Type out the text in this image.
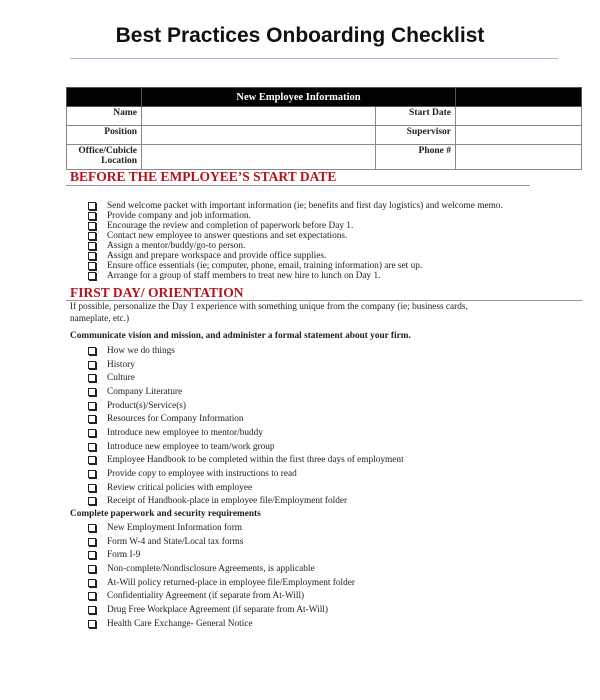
Best Practices Onboarding Checklist
	New Employee Information		
Name		Start Date	
Position		Supervisor	
Office/Cubicle Location		Phone #	
BEFORE THE EMPLOYEE’S START DATE
Send welcome packet with important information (ie; benefits and first day logistics) and welcome memo.
Provide company and job information.
Encourage the review and completion of paperwork before Day 1.
Contact new employee to answer questions and set expectations.
Assign a mentor/buddy/go-to person.
Assign and prepare workspace and provide office supplies.
Ensure office essentials (ie; computer, phone, email, training information) are set up.
Arrange for a group of staff members to treat new hire to lunch on Day 1.
FIRST DAY/ ORIENTATION
If possible, personalize the Day 1 experience with something unique from the company (ie; business cards, nameplate, etc.)
Communicate vision and mission, and administer a formal statement about your firm.
How we do things
History
Culture
Company Literature
Product(s)/Service(s)
Resources for Company Information
Introduce new employee to mentor/buddy
Introduce new employee to team/work group
Employee Handbook to be completed within the first three days of employment
Provide copy to employee with instructions to read
Review critical policies with employee
Receipt of Handbook-place in employee file/Employment folder
Complete paperwork and security requirements
New Employment Information form
Form W-4 and State/Local tax forms
Form I-9
Non-complete/Nondisclosure Agreements, is applicable
At-Will policy returned-place in employee file/Employment folder
Confidentiality Agreement (if separate from At-Will)
Drug Free Workplace Agreement (if separate from At-Will)
Health Care Exchange- General Notice
